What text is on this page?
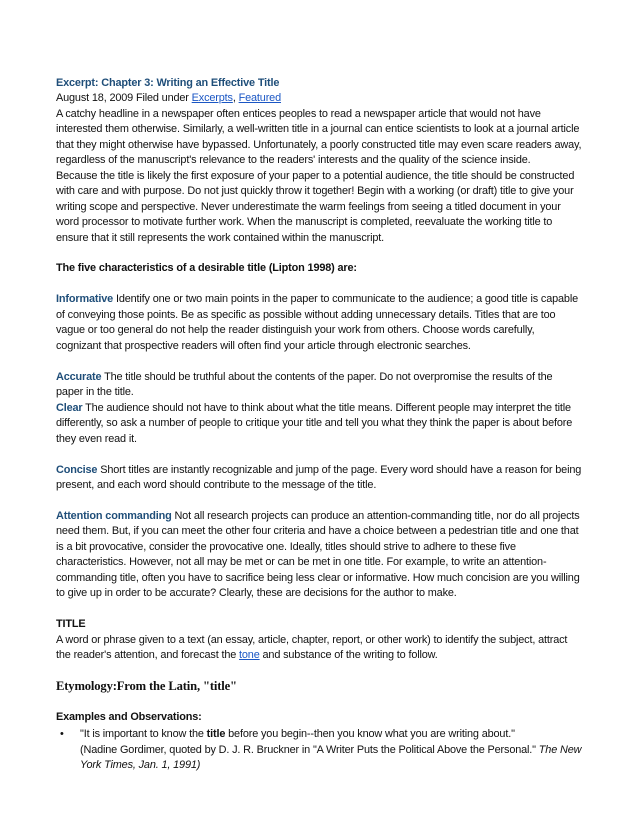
Excerpt: Chapter 3: Writing an Effective Title

August 18, 2009 Filed under Excerpts, Featured

A catchy headline in a newspaper often entices peoples to read a newspaper article that would not have interested them otherwise. Similarly, a well-written title in a journal can entice scientists to look at a journal article that they might otherwise have bypassed. Unfortunately, a poorly constructed title may even scare readers away, regardless of the manuscript's relevance to the readers' interests and the quality of the science inside.

Because the title is likely the first exposure of your paper to a potential audience, the title should be constructed with care and with purpose. Do not just quickly throw it together! Begin with a working (or draft) title to give your writing scope and perspective. Never underestimate the warm feelings from seeing a titled document in your word processor to motivate further work. When the manuscript is completed, reevaluate the working title to ensure that it still represents the work contained within the manuscript.

The five characteristics of a desirable title (Lipton 1998) are:

Informative Identify one or two main points in the paper to communicate to the audience; a good title is capable of conveying those points. Be as specific as possible without adding unnecessary details. Titles that are too vague or too general do not help the reader distinguish your work from others. Choose words carefully, cognizant that prospective readers will often find your article through electronic searches.

Accurate The title should be truthful about the contents of the paper. Do not overpromise the results of the paper in the title.

Clear The audience should not have to think about what the title means. Different people may interpret the title differently, so ask a number of people to critique your title and tell you what they think the paper is about before they even read it.

Concise Short titles are instantly recognizable and jump of the page. Every word should have a reason for being present, and each word should contribute to the message of the title.

Attention commanding Not all research projects can produce an attention-commanding title, nor do all projects need them. But, if you can meet the other four criteria and have a choice between a pedestrian title and one that is a bit provocative, consider the provocative one. Ideally, titles should strive to adhere to these five characteristics. However, not all may be met or can be met in one title. For example, to write an attention-commanding title, often you have to sacrifice being less clear or informative. How much concision are you willing to give up in order to be accurate? Clearly, these are decisions for the author to make.

TITLE

A word or phrase given to a text (an essay, article, chapter, report, or other work) to identify the subject, attract the reader's attention, and forecast the tone and substance of the writing to follow.

Etymology:From the Latin, "title"

Examples and Observations:

• "It is important to know the title before you begin--then you know what you are writing about."
(Nadine Gordimer, quoted by D. J. R. Bruckner in "A Writer Puts the Political Above the Personal." The New York Times, Jan. 1, 1991)
